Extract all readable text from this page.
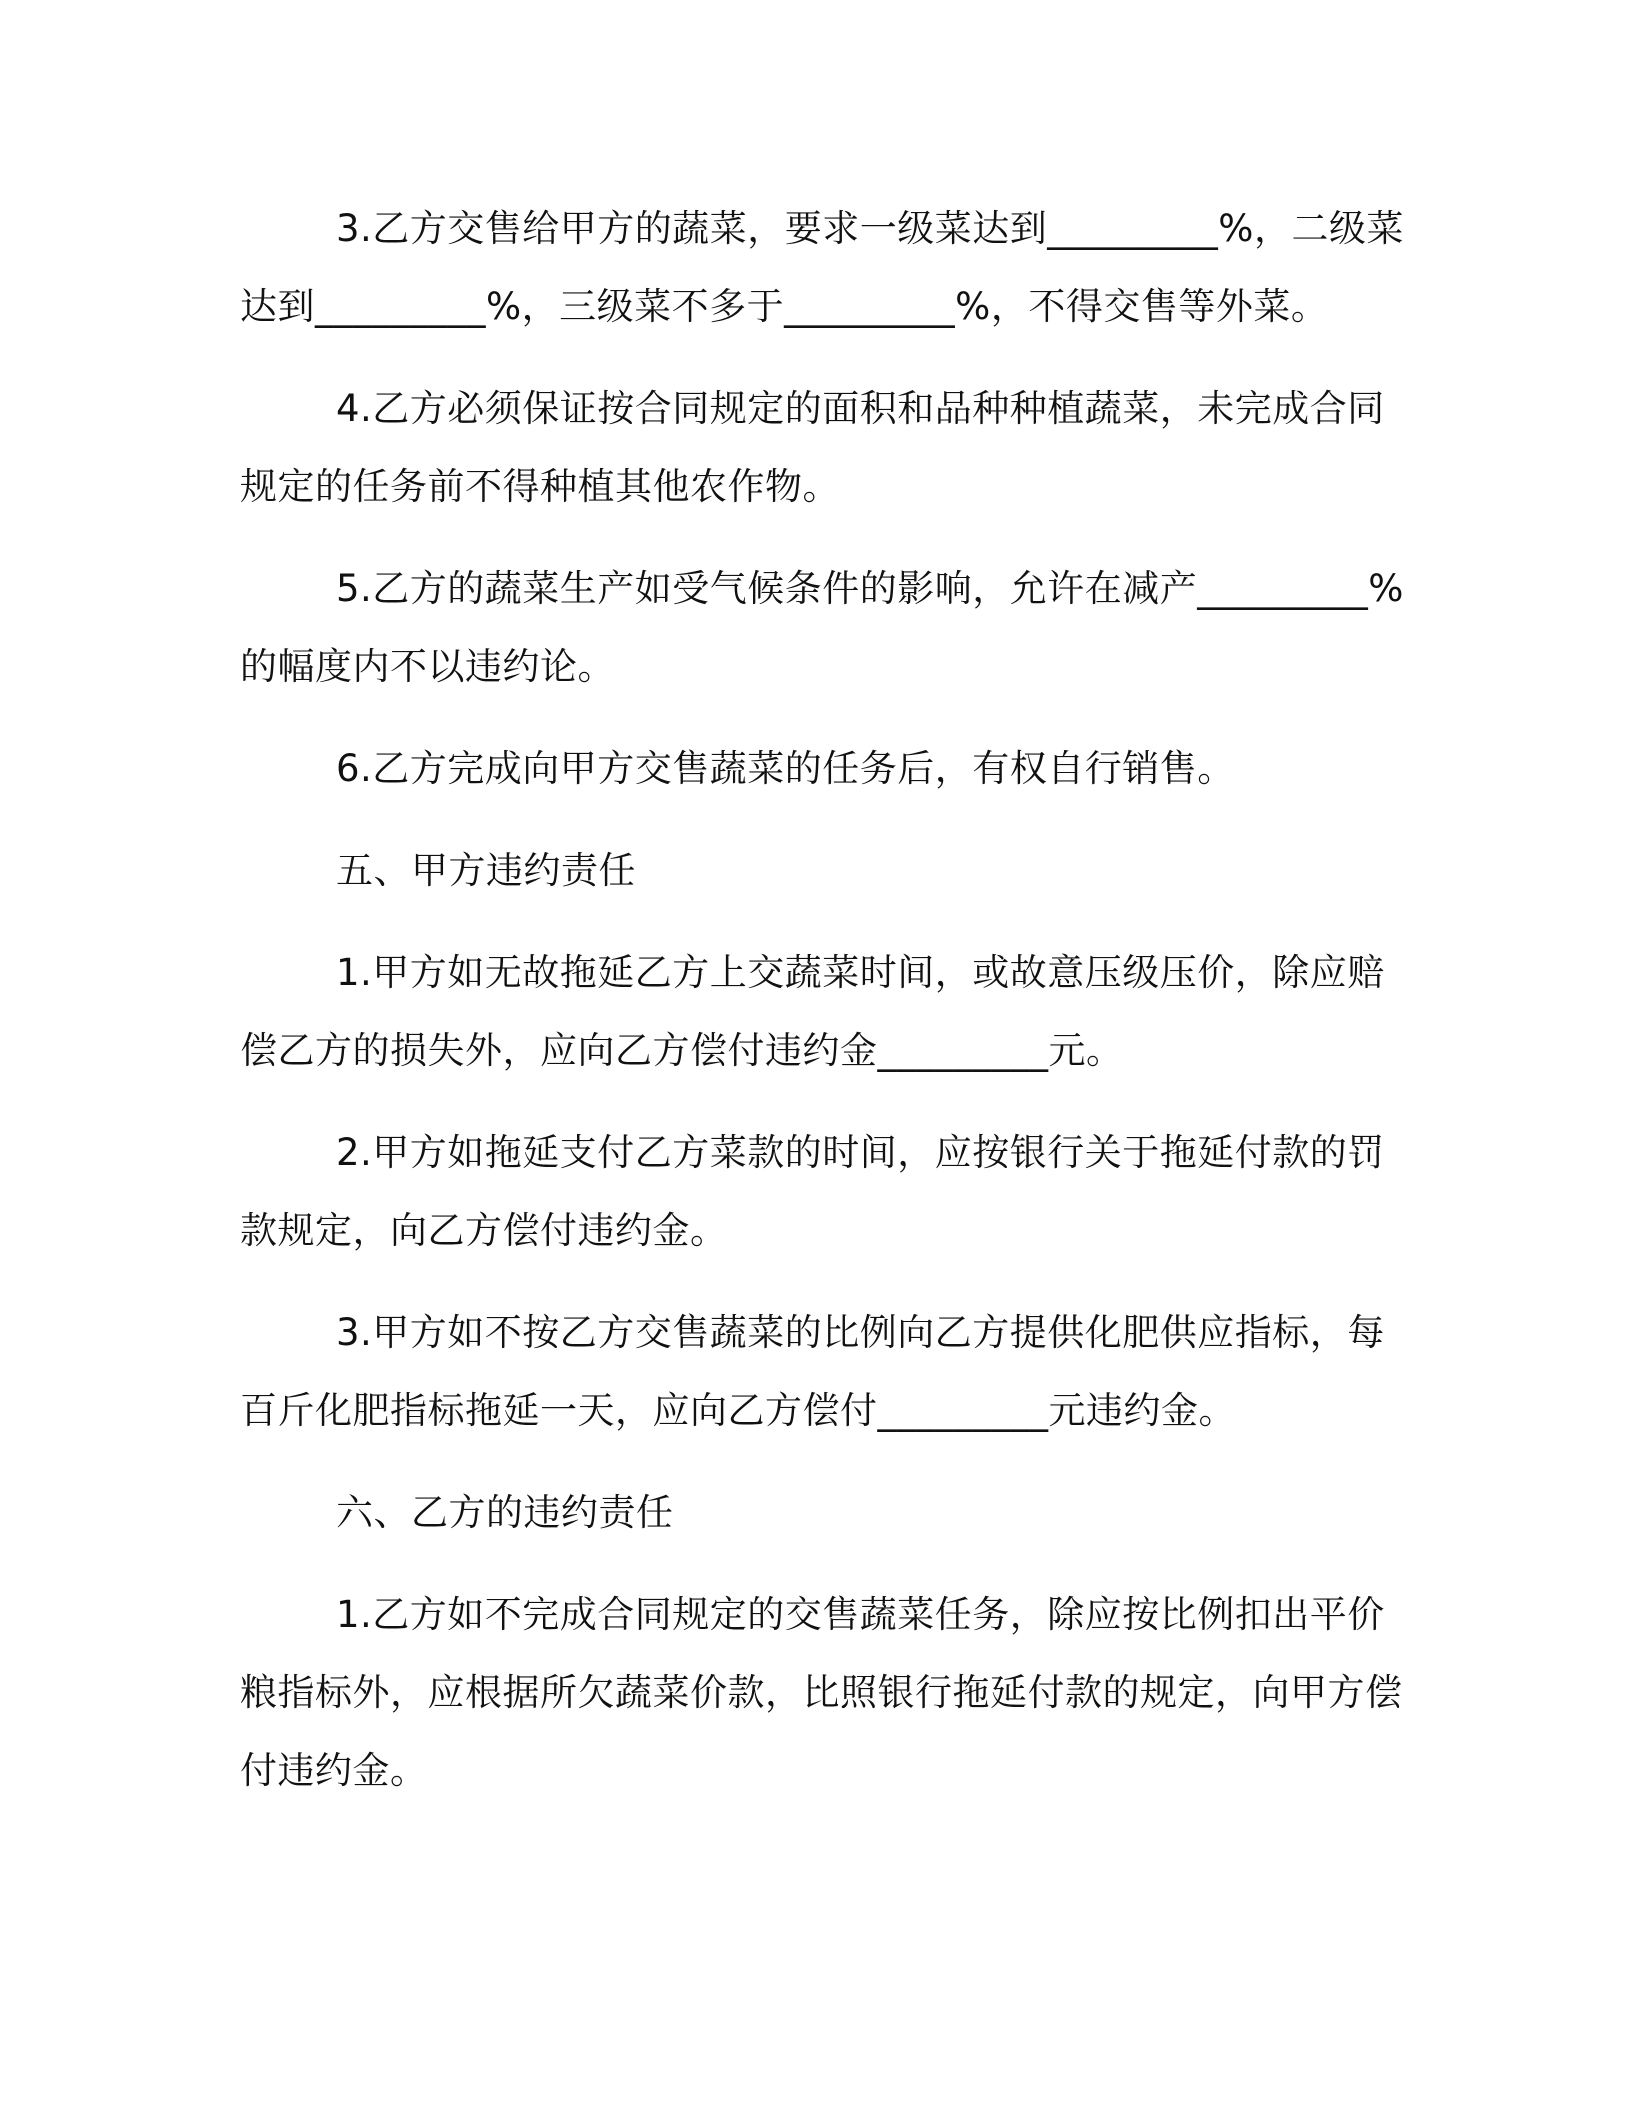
3.乙方交售给甲方的蔬菜，要求一级菜达到_________%，二级菜达到_________%，三级菜不多于_________%，不得交售等外菜。

4.乙方必须保证按合同规定的面积和品种种植蔬菜，未完成合同规定的任务前不得种植其他农作物。

5.乙方的蔬菜生产如受气候条件的影响，允许在减产_________%的幅度内不以违约论。

6.乙方完成向甲方交售蔬菜的任务后，有权自行销售。

五、甲方违约责任

1.甲方如无故拖延乙方上交蔬菜时间，或故意压级压价，除应赔偿乙方的损失外，应向乙方偿付违约金_________元。

2.甲方如拖延支付乙方菜款的时间，应按银行关于拖延付款的罚款规定，向乙方偿付违约金。

3.甲方如不按乙方交售蔬菜的比例向乙方提供化肥供应指标，每百斤化肥指标拖延一天，应向乙方偿付_________元违约金。

六、乙方的违约责任

1.乙方如不完成合同规定的交售蔬菜任务，除应按比例扣出平价粮指标外，应根据所欠蔬菜价款，比照银行拖延付款的规定，向甲方偿付违约金。
